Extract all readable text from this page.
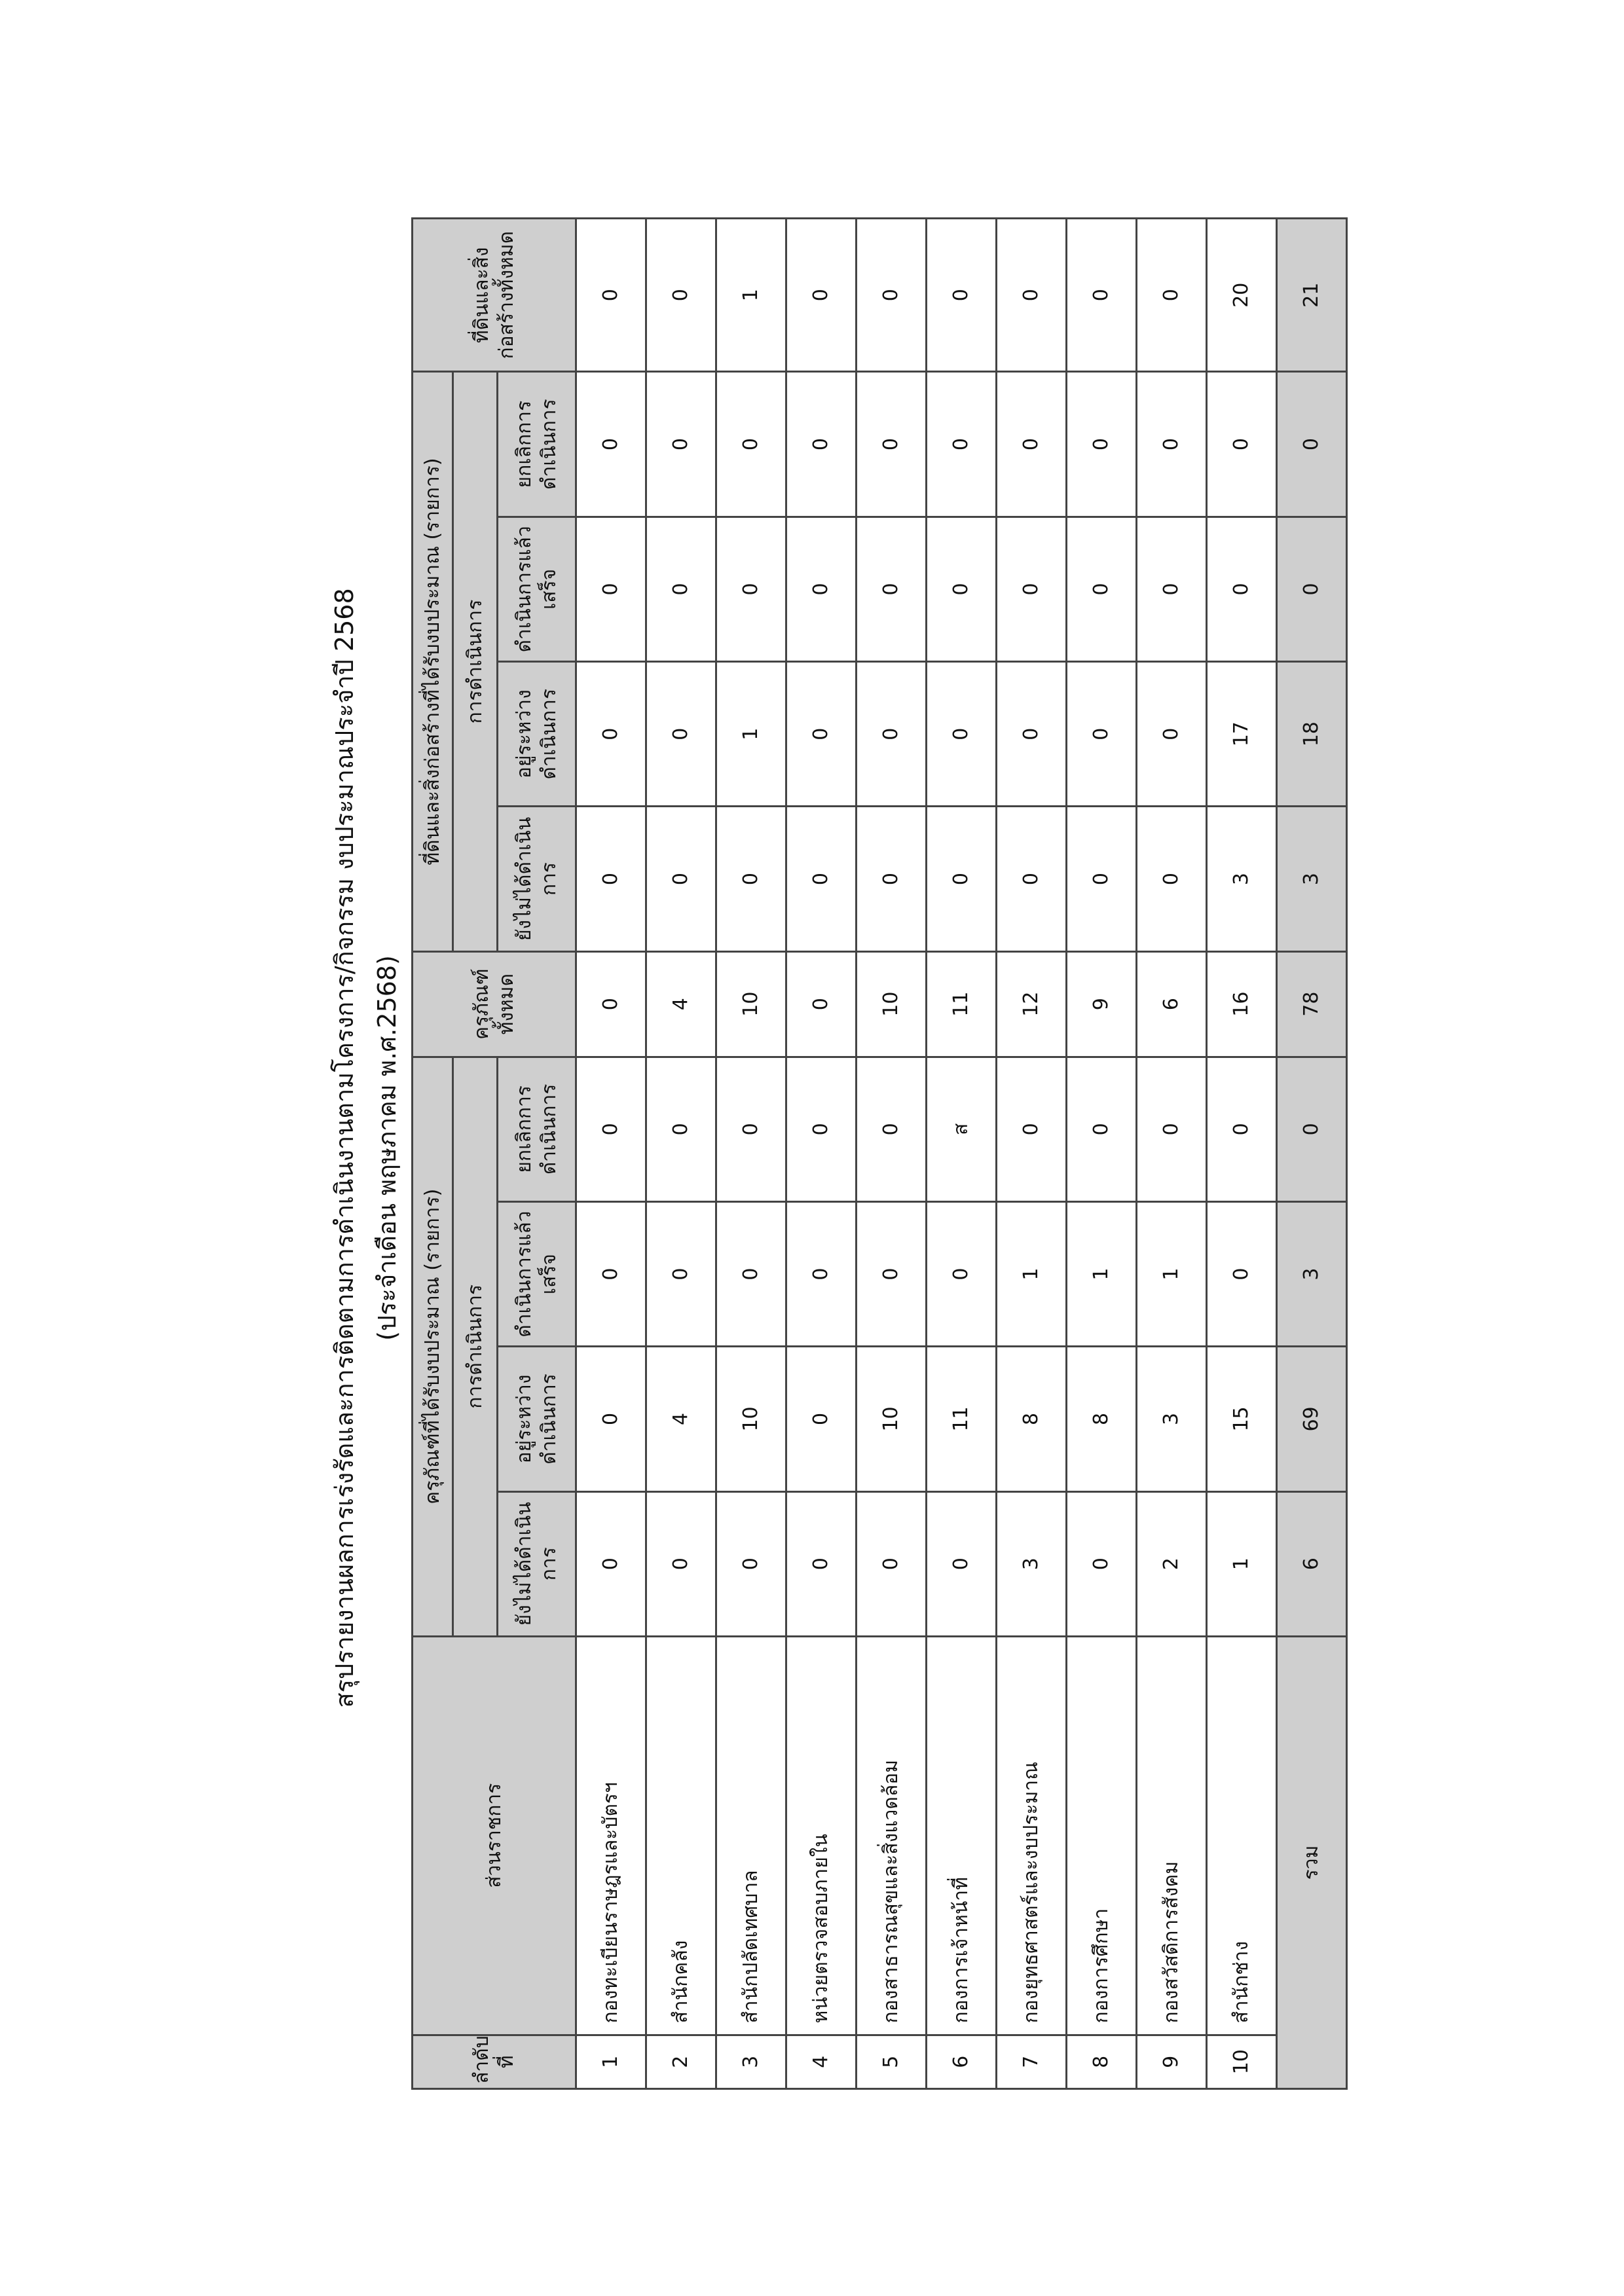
สรุปรายงานผลการเร่งรัดและการติดตามการดำเนินงานตามโครงการ/กิจกรรม งบประมาณประจำปี 2568 (ประจำเดือน พฤษภาคม พ.ศ.2568)
ลำดับที่	ส่วนราชการ	ครุภัณฑ์ที่ได้รับงบประมาณ (รายการ)				ครุภัณฑ์ทั้งหมด	ที่ดินและสิ่งก่อสร้างที่ได้รับงบประมาณ (รายการ)				ที่ดินและสิ่งก่อสร้างทั้งหมด
		การดำเนินการ					การดำเนินการ				
		ยังไม่ได้ดำเนินการ	อยู่ระหว่างดำเนินการ	ดำเนินการแล้วเสร็จ	ยกเลิกการดำเนินการ		ยังไม่ได้ดำเนินการ	อยู่ระหว่างดำเนินการ	ดำเนินการแล้วเสร็จ	ยกเลิกการดำเนินการ	
1	กองทะเบียนราษฎรและบัตรฯ	0	0	0	0	0	0	0	0	0	0
2	สำนักคลัง	0	4	0	0	4	0	0	0	0	0
3	สำนักปลัดเทศบาล	0	10	0	0	10	0	1	0	0	1
4	หน่วยตรวจสอบภายใน	0	0	0	0	0	0	0	0	0	0
5	กองสาธารณสุขและสิ่งแวดล้อม	0	10	0	0	10	0	0	0	0	0
6	กองการเจ้าหน้าที่	0	11	0	ส	11	0	0	0	0	0
7	กองยุทธศาสตร์และงบประมาณ	3	8	1	0	12	0	0	0	0	0
8	กองการศึกษา	0	8	1	0	9	0	0	0	0	0
9	กองสวัสดิการสังคม	2	3	1	0	6	0	0	0	0	0
10	สำนักช่าง	1	15	0	0	16	3	17	0	0	20
รวม		6	69	3	0	78	3	18	0	0	21
